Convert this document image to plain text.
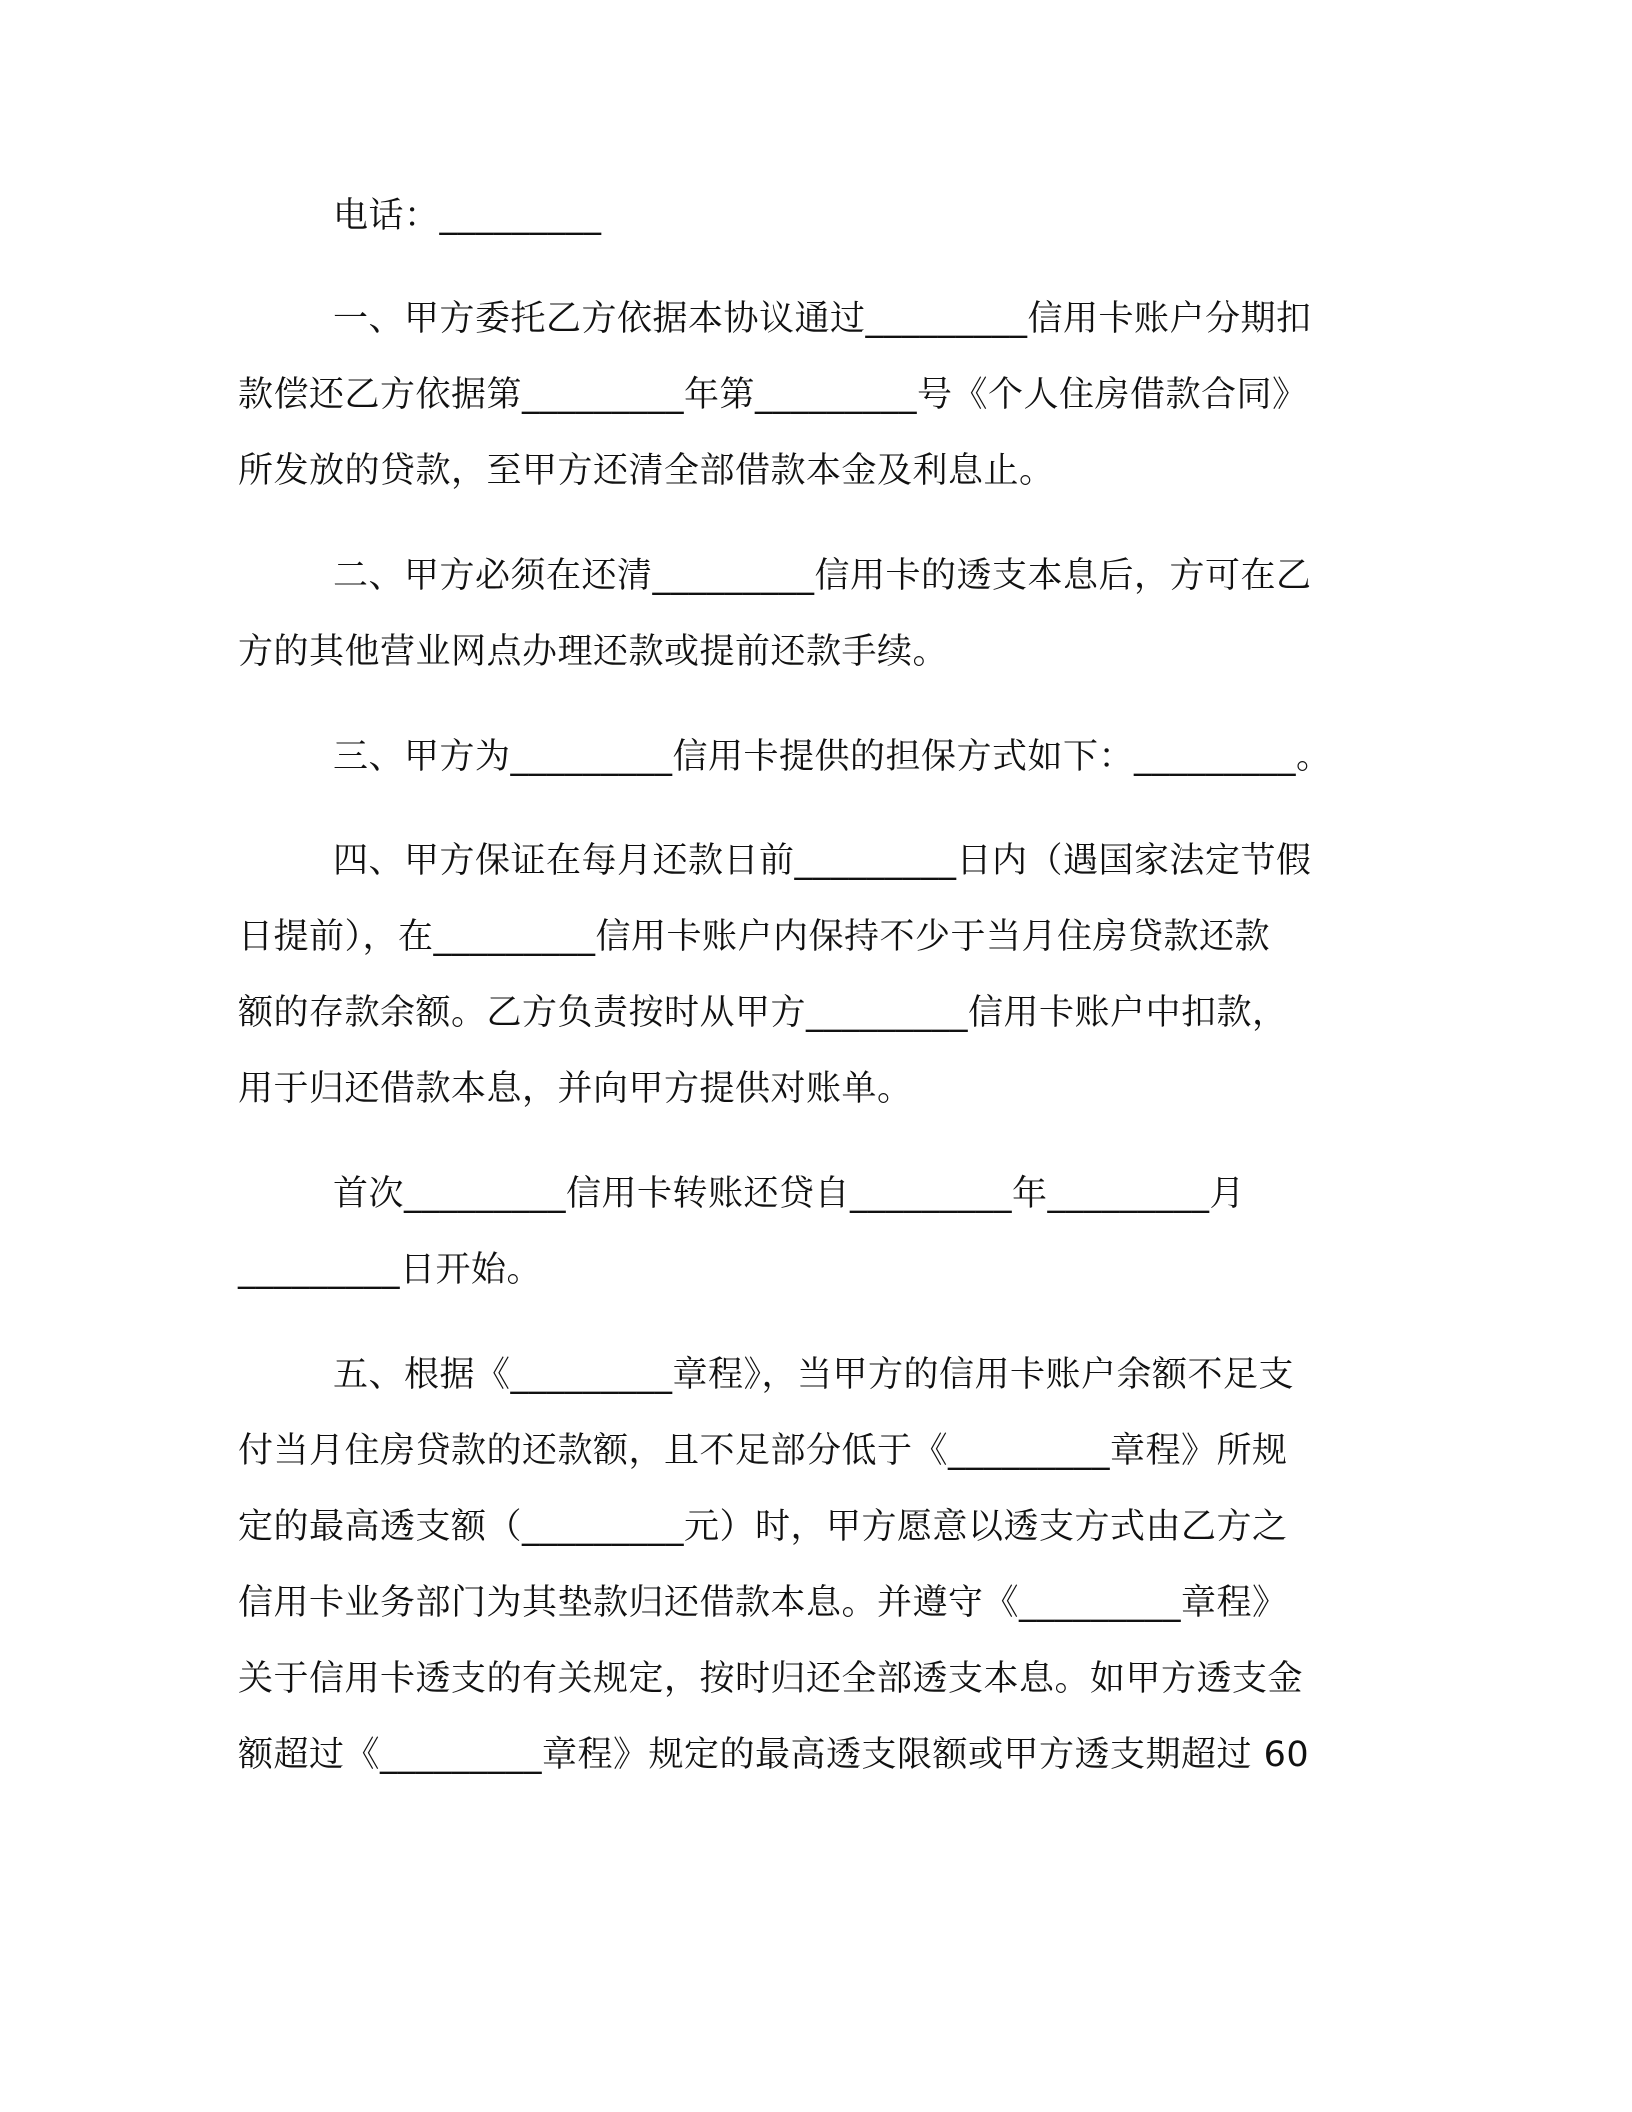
电话：_________
一、甲方委托乙方依据本协议通过_________信用卡账户分期扣
款偿还乙方依据第_________年第_________号《个人住房借款合同》
所发放的贷款，至甲方还清全部借款本金及利息止。
二、甲方必须在还清_________信用卡的透支本息后，方可在乙
方的其他营业网点办理还款或提前还款手续。
三、甲方为_________信用卡提供的担保方式如下：_________。
四、甲方保证在每月还款日前_________日内（遇国家法定节假
日提前），在_________信用卡账户内保持不少于当月住房贷款还款
额的存款余额。乙方负责按时从甲方_________信用卡账户中扣款，
用于归还借款本息，并向甲方提供对账单。
首次_________信用卡转账还贷自_________年_________月
_________日开始。
五、根据《_________章程》，当甲方的信用卡账户余额不足支
付当月住房贷款的还款额，且不足部分低于《_________章程》所规
定的最高透支额（_________元）时，甲方愿意以透支方式由乙方之
信用卡业务部门为其垫款归还借款本息。并遵守《_________章程》
关于信用卡透支的有关规定，按时归还全部透支本息。如甲方透支金
额超过《_________章程》规定的最高透支限额或甲方透支期超过 60
